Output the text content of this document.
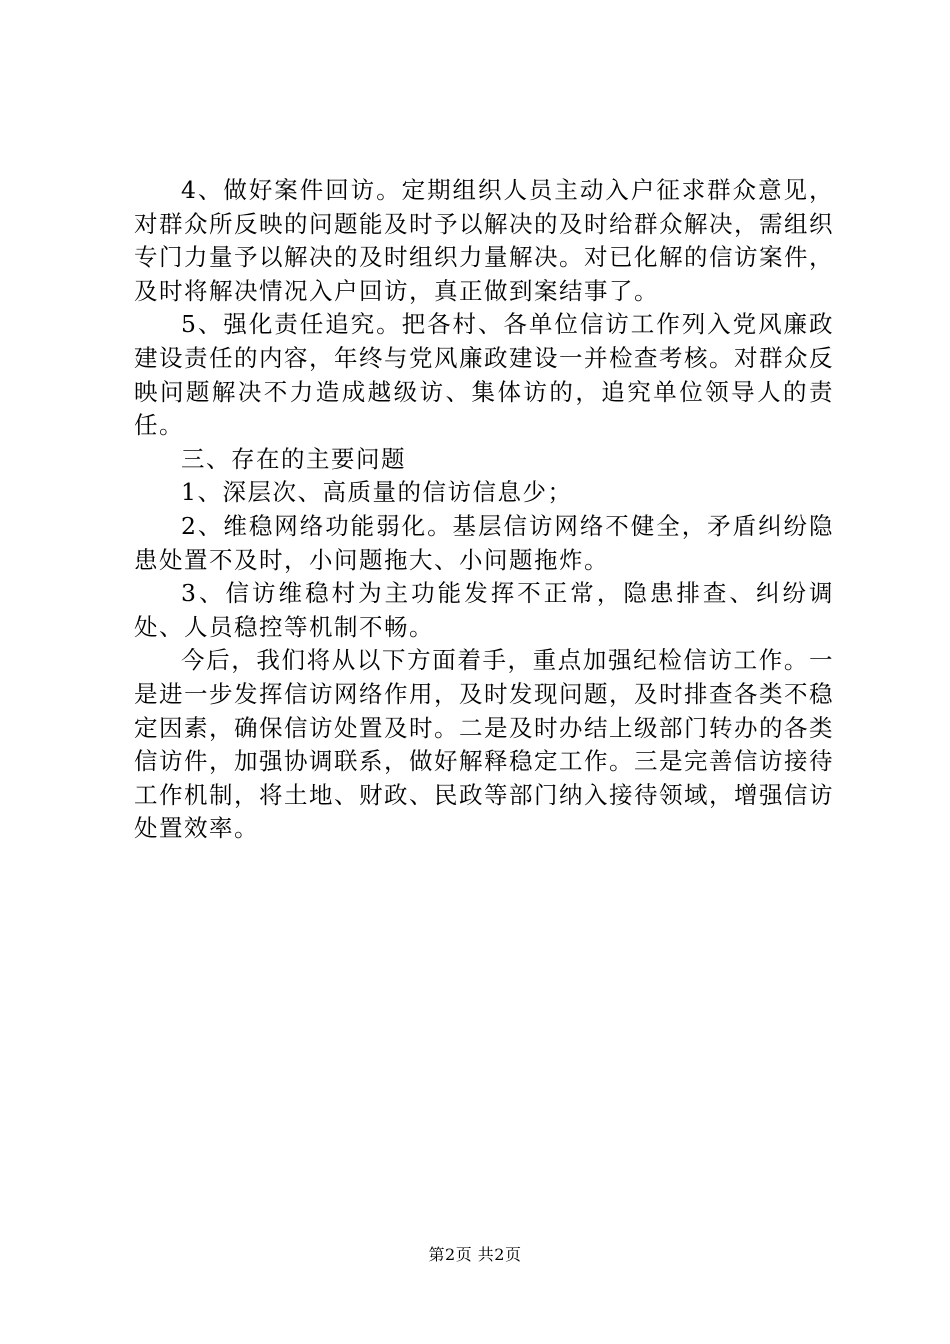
4、做好案件回访。定期组织人员主动入户征求群众意见，对群众所反映的问题能及时予以解决的及时给群众解决，需组织专门力量予以解决的及时组织力量解决。对已化解的信访案件，及时将解决情况入户回访，真正做到案结事了。

5、强化责任追究。把各村、各单位信访工作列入党风廉政建设责任的内容，年终与党风廉政建设一并检查考核。对群众反映问题解决不力造成越级访、集体访的，追究单位领导人的责任。

三、存在的主要问题

1、深层次、高质量的信访信息少；

2、维稳网络功能弱化。基层信访网络不健全，矛盾纠纷隐患处置不及时，小问题拖大、小问题拖炸。

3、信访维稳村为主功能发挥不正常，隐患排查、纠纷调处、人员稳控等机制不畅。

今后，我们将从以下方面着手，重点加强纪检信访工作。一是进一步发挥信访网络作用，及时发现问题，及时排查各类不稳定因素，确保信访处置及时。二是及时办结上级部门转办的各类信访件，加强协调联系，做好解释稳定工作。三是完善信访接待工作机制，将土地、财政、民政等部门纳入接待领域，增强信访处置效率。

第2页 共2页
